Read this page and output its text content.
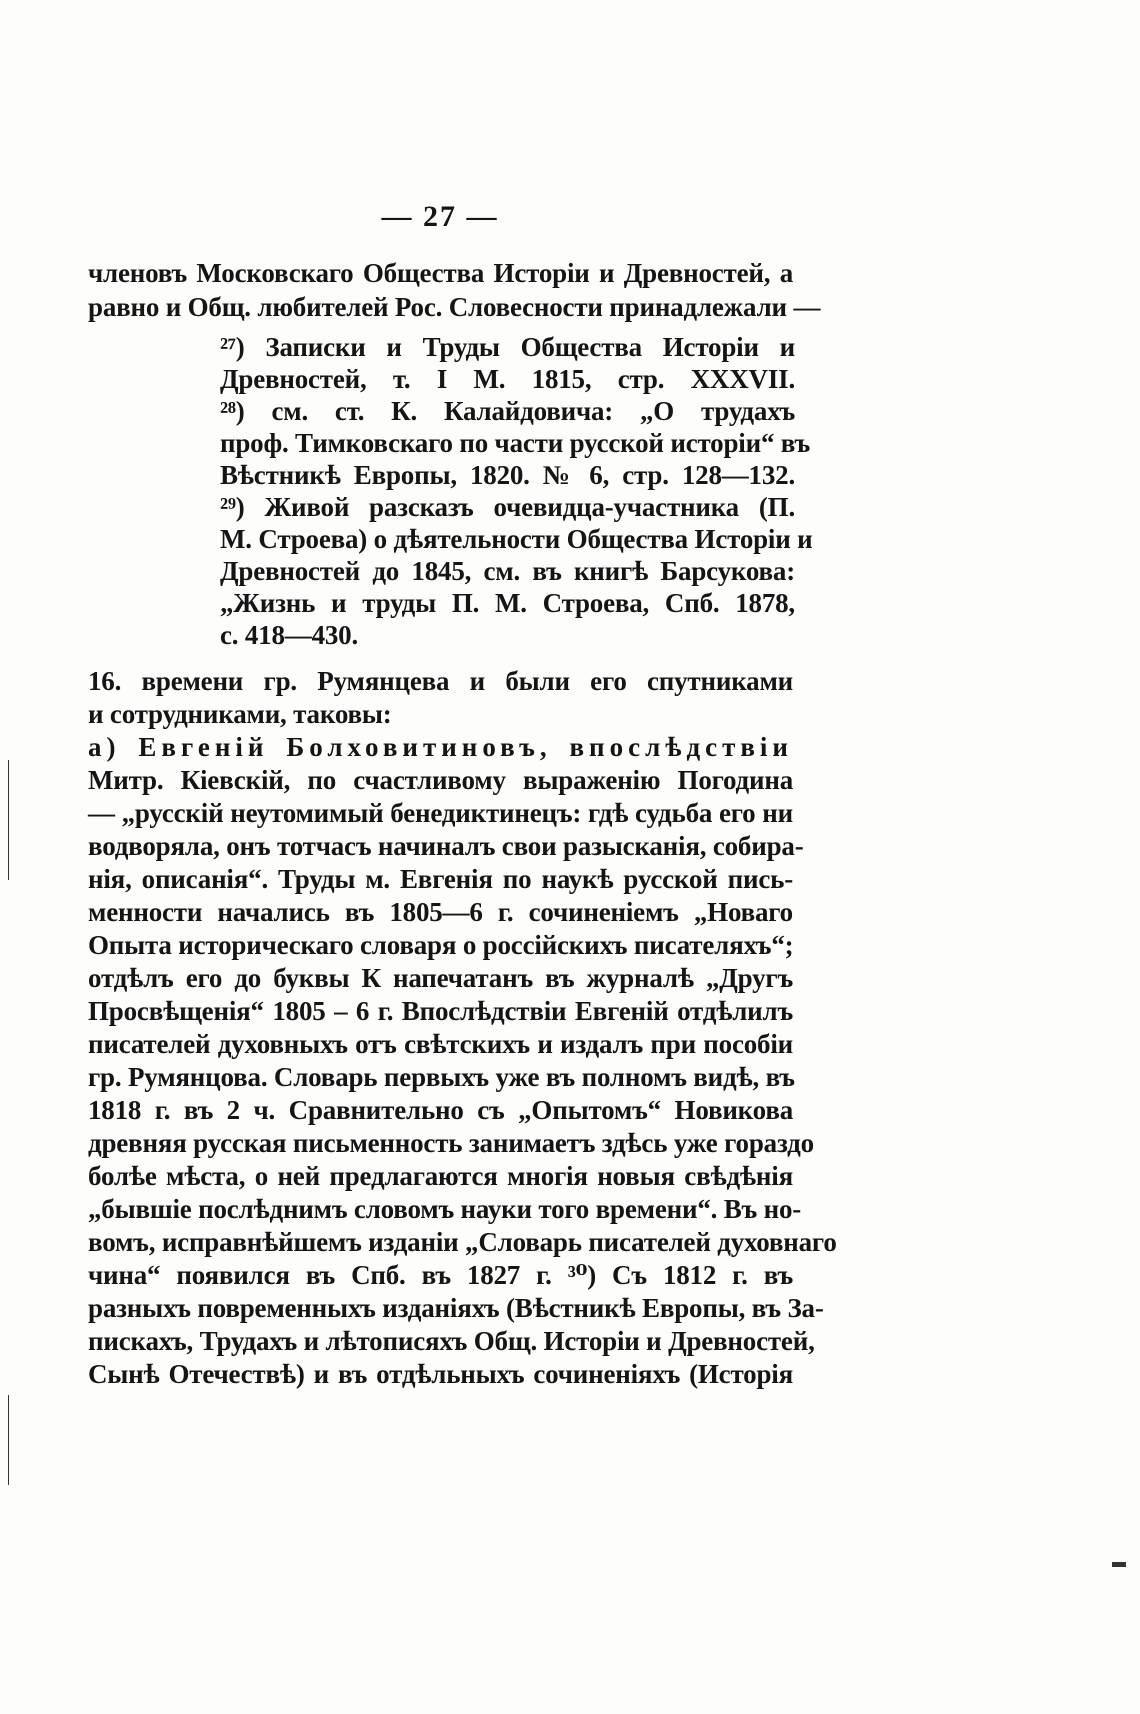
— 27 —
членовъ Московскаго Общества Исторіи и Древностей, а
равно и Общ. любителей Рос. Словесности принадлежали —
²⁷) Записки и Труды Общества Исторіи и
Древностей, т. I М. 1815, стр. XXXVII.
²⁸) см. ст. К. Калайдовича: „О трудахъ
проф. Тимковскаго по части русской исторіи“ въ
Вѣстникѣ Европы, 1820. № 6, стр. 128—132.
²⁹) Живой разсказъ очевидца-участника (П.
М. Строева) о дѣятельности Общества Исторіи и
Древностей до 1845, см. въ книгѣ Барсукова:
„Жизнь и труды П. М. Строева, Спб. 1878,
с. 418—430.
16. времени гр. Румянцева и были его спутниками
и сотрудниками, таковы:
а) Евгеній Болховитиновъ, впослѣдствіи
Митр. Кіевскій, по счастливому выраженію Погодина
— „русскій неутомимый бенедиктинецъ: гдѣ судьба его ни
водворяла, онъ тотчасъ начиналъ свои разысканія, собира-
нія, описанія“. Труды м. Евгенія по наукѣ русской пись-
менности начались въ 1805—6 г. сочиненіемъ „Новаго
Опыта историческаго словаря о россійскихъ писателяхъ“;
отдѣлъ его до буквы К напечатанъ въ журналѣ „Другъ
Просвѣщенія“ 1805 – 6 г. Впослѣдствіи Евгеній отдѣлилъ
писателей духовныхъ отъ свѣтскихъ и издалъ при пособіи
гр. Румянцова. Словарь первыхъ уже въ полномъ видѣ, въ
1818 г. въ 2 ч. Сравнительно съ „Опытомъ“ Новикова
древняя русская письменность занимаетъ здѣсь уже гораздо
болѣе мѣста, о ней предлагаются многія новыя свѣдѣнія
„бывшіе послѣднимъ словомъ науки того времени“. Въ но-
вомъ, исправнѣйшемъ изданіи „Словарь писателей духовнаго
чина“ появился въ Спб. въ 1827 г. ³⁰) Съ 1812 г. въ
разныхъ повременныхъ изданіяхъ (Вѣстникѣ Европы, въ За-
пискахъ, Трудахъ и лѣтописяхъ Общ. Исторіи и Древностей,
Сынѣ Отечествѣ) и въ отдѣльныхъ сочиненіяхъ (Исторія
